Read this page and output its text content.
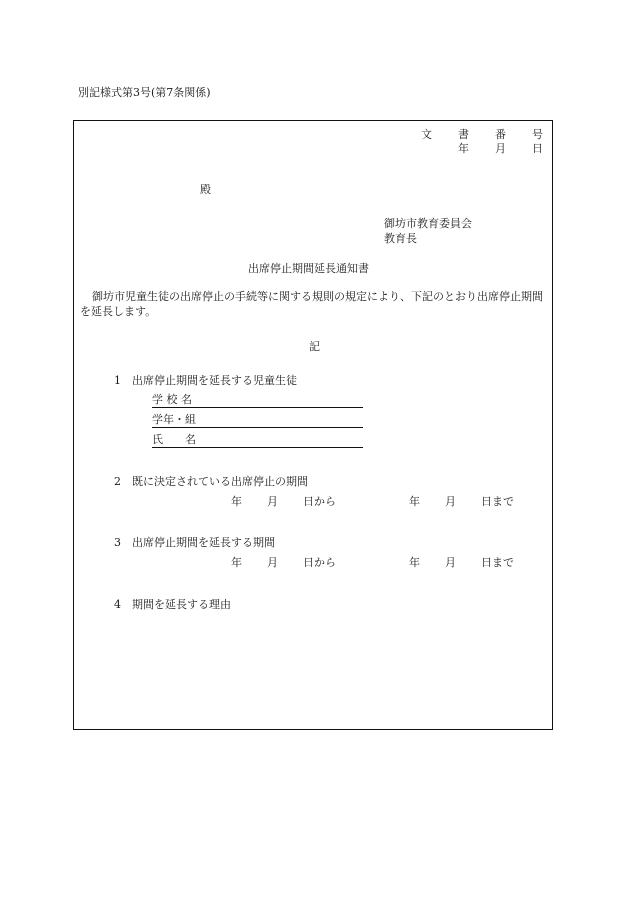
別記様式第3号(第7条関係)
文 書 番 号
年 月 日
殿
御坊市教育委員会
教育長
出席停止期間延長通知書
御坊市児童生徒の出席停止の手続等に関する規則の規定により、下記のとおり出席停止期間を延長します。
記
1　出席停止期間を延長する児童生徒
学 校 名
学年・組
氏　　名
2　既に決定されている出席停止の期間
年 月 日から	年 月 日まで
3　出席停止期間を延長する期間
年 月 日から	年 月 日まで
4　期間を延長する理由
